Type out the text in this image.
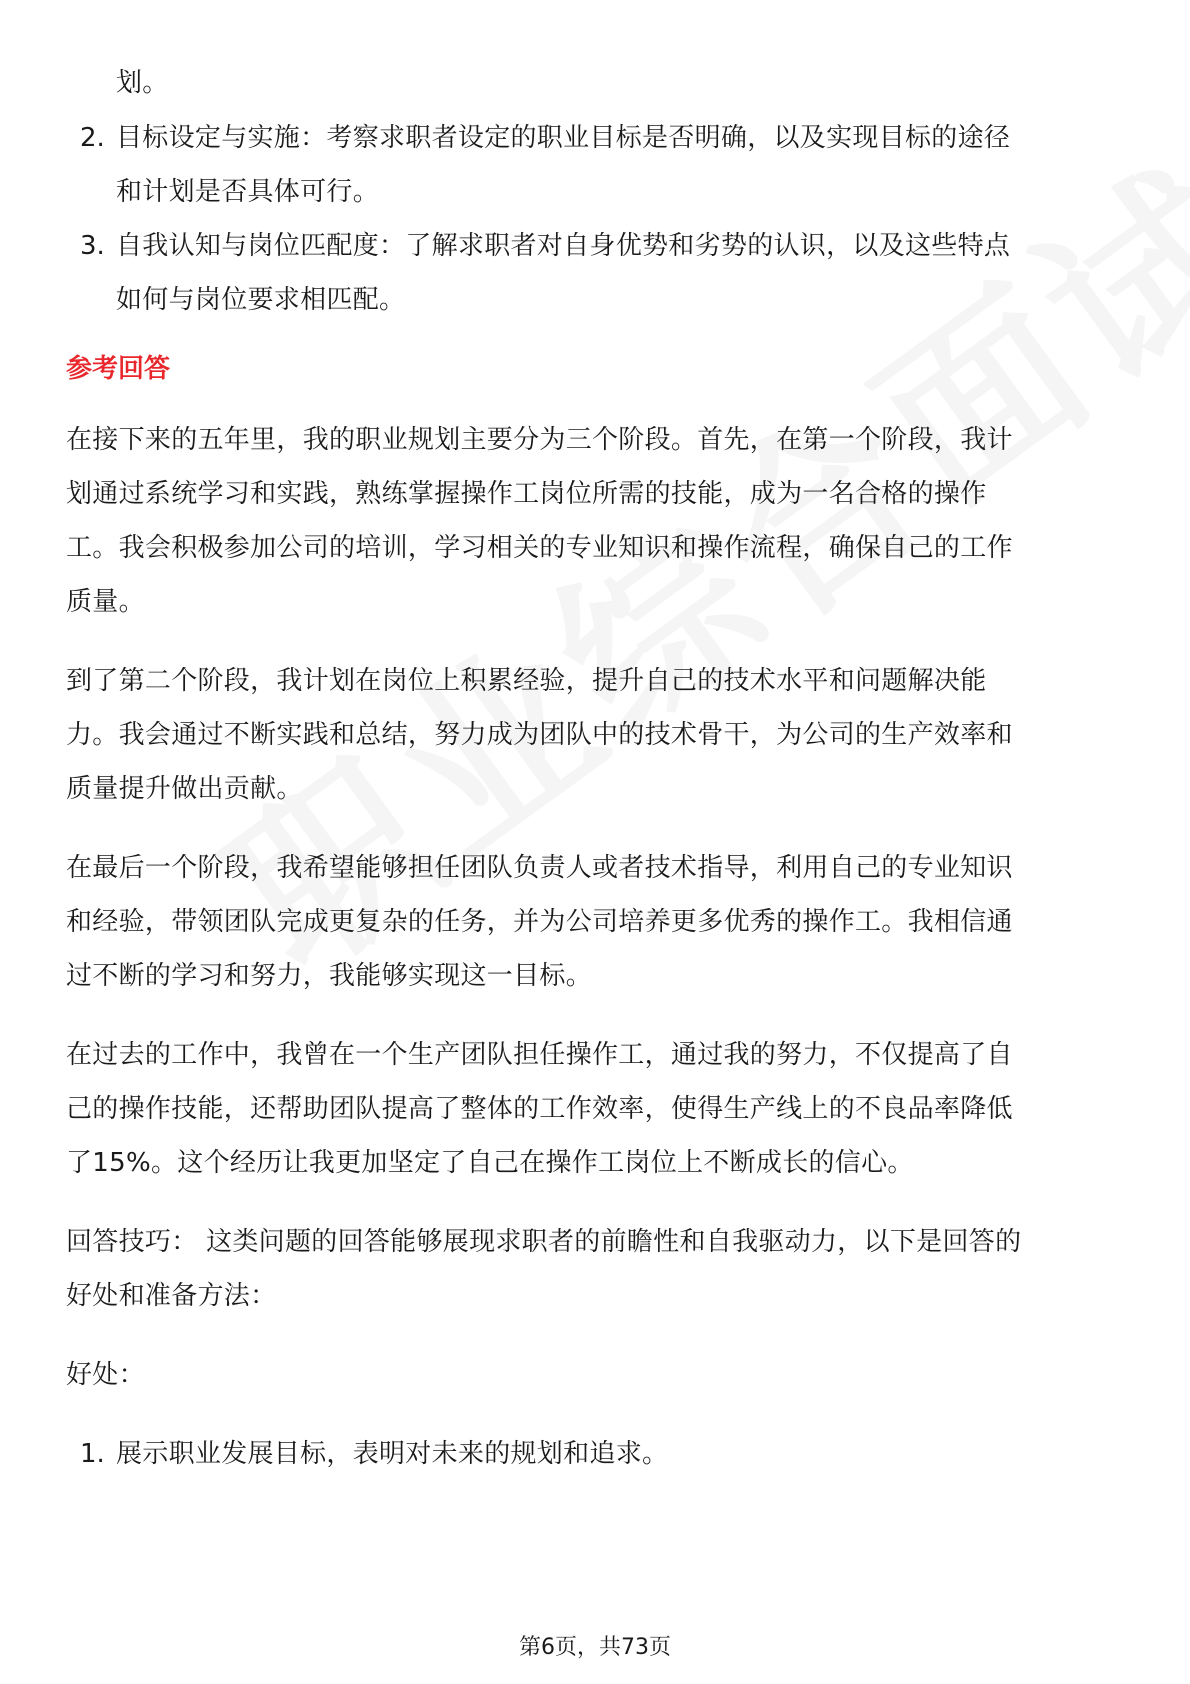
划。
2. 目标设定与实施：考察求职者设定的职业目标是否明确，以及实现目标的途径
和计划是否具体可行。
3. 自我认知与岗位匹配度：了解求职者对自身优势和劣势的认识，以及这些特点
如何与岗位要求相匹配。
参考回答
在接下来的五年里，我的职业规划主要分为三个阶段。首先，在第一个阶段，我计
划通过系统学习和实践，熟练掌握操作工岗位所需的技能，成为一名合格的操作
工。我会积极参加公司的培训，学习相关的专业知识和操作流程，确保自己的工作
质量。
到了第二个阶段，我计划在岗位上积累经验，提升自己的技术水平和问题解决能
力。我会通过不断实践和总结，努力成为团队中的技术骨干，为公司的生产效率和
质量提升做出贡献。
在最后一个阶段，我希望能够担任团队负责人或者技术指导，利用自己的专业知识
和经验，带领团队完成更复杂的任务，并为公司培养更多优秀的操作工。我相信通
过不断的学习和努力，我能够实现这一目标。
在过去的工作中，我曾在一个生产团队担任操作工，通过我的努力，不仅提高了自
己的操作技能，还帮助团队提高了整体的工作效率，使得生产线上的不良品率降低
了15%。这个经历让我更加坚定了自己在操作工岗位上不断成长的信心。
回答技巧： 这类问题的回答能够展现求职者的前瞻性和自我驱动力，以下是回答的
好处和准备方法：
好处：
1. 展示职业发展目标，表明对未来的规划和追求。
第6页，共73页
